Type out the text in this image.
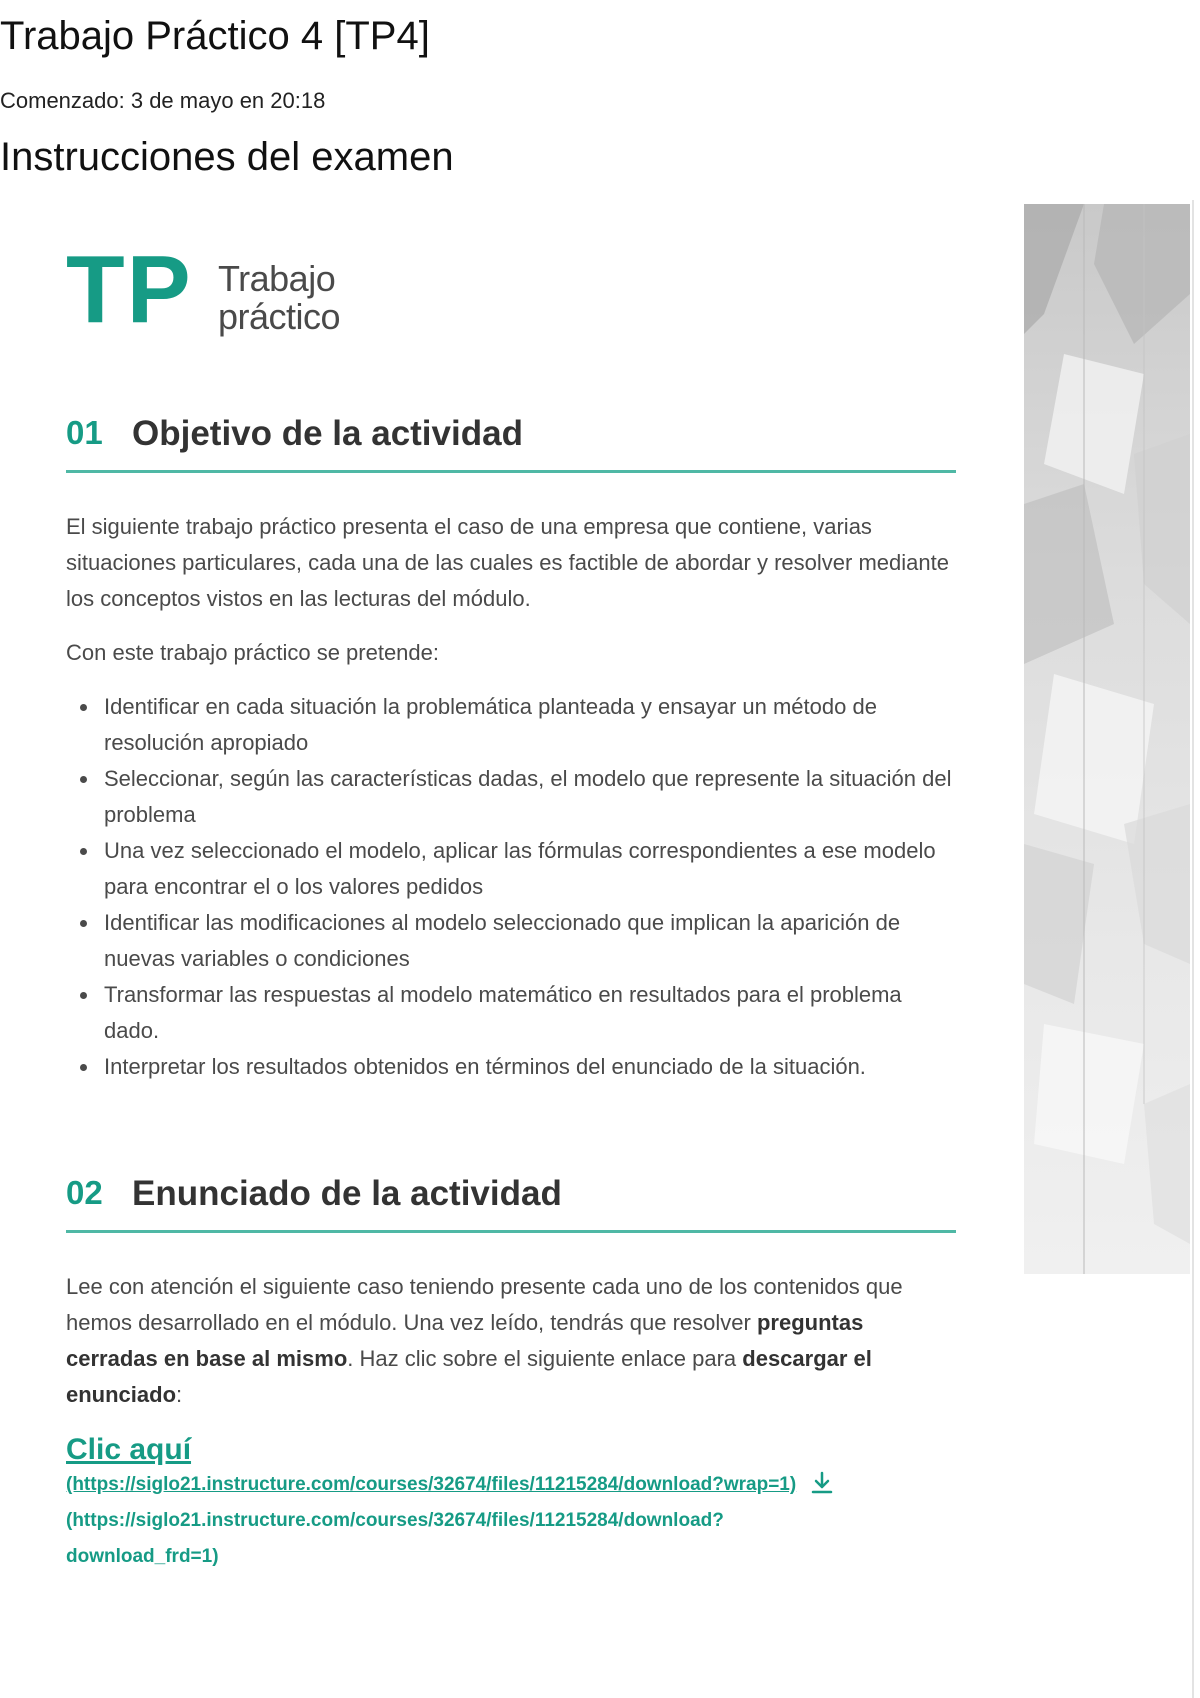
Trabajo Práctico 4 [TP4]
Comenzado: 3 de mayo en 20:18
Instrucciones del examen
TP Trabajo
práctico
01 Objetivo de la actividad

El siguiente trabajo práctico presenta el caso de una empresa que contiene, varias situaciones particulares, cada una de las cuales es factible de abordar y resolver mediante los conceptos vistos en las lecturas del módulo.

Con este trabajo práctico se pretende:

Identificar en cada situación la problemática planteada y ensayar un método de resolución apropiado
Seleccionar, según las características dadas, el modelo que represente la situación del problema
Una vez seleccionado el modelo, aplicar las fórmulas correspondientes a ese modelo para encontrar el o los valores pedidos
Identificar las modificaciones al modelo seleccionado que implican la aparición de nuevas variables o condiciones
Transformar las respuestas al modelo matemático en resultados para el problema dado.
Interpretar los resultados obtenidos en términos del enunciado de la situación.
02 Enunciado de la actividad

Lee con atención el siguiente caso teniendo presente cada uno de los contenidos que hemos desarrollado en el módulo. Una vez leído, tendrás que resolver preguntas cerradas en base al mismo. Haz clic sobre el siguiente enlace para descargar el enunciado:

Clic aquí
(https://siglo21.instructure.com/courses/32674/files/11215284/download?wrap=1)
(https://siglo21.instructure.com/courses/32674/files/11215284/download?
download_frd=1)
